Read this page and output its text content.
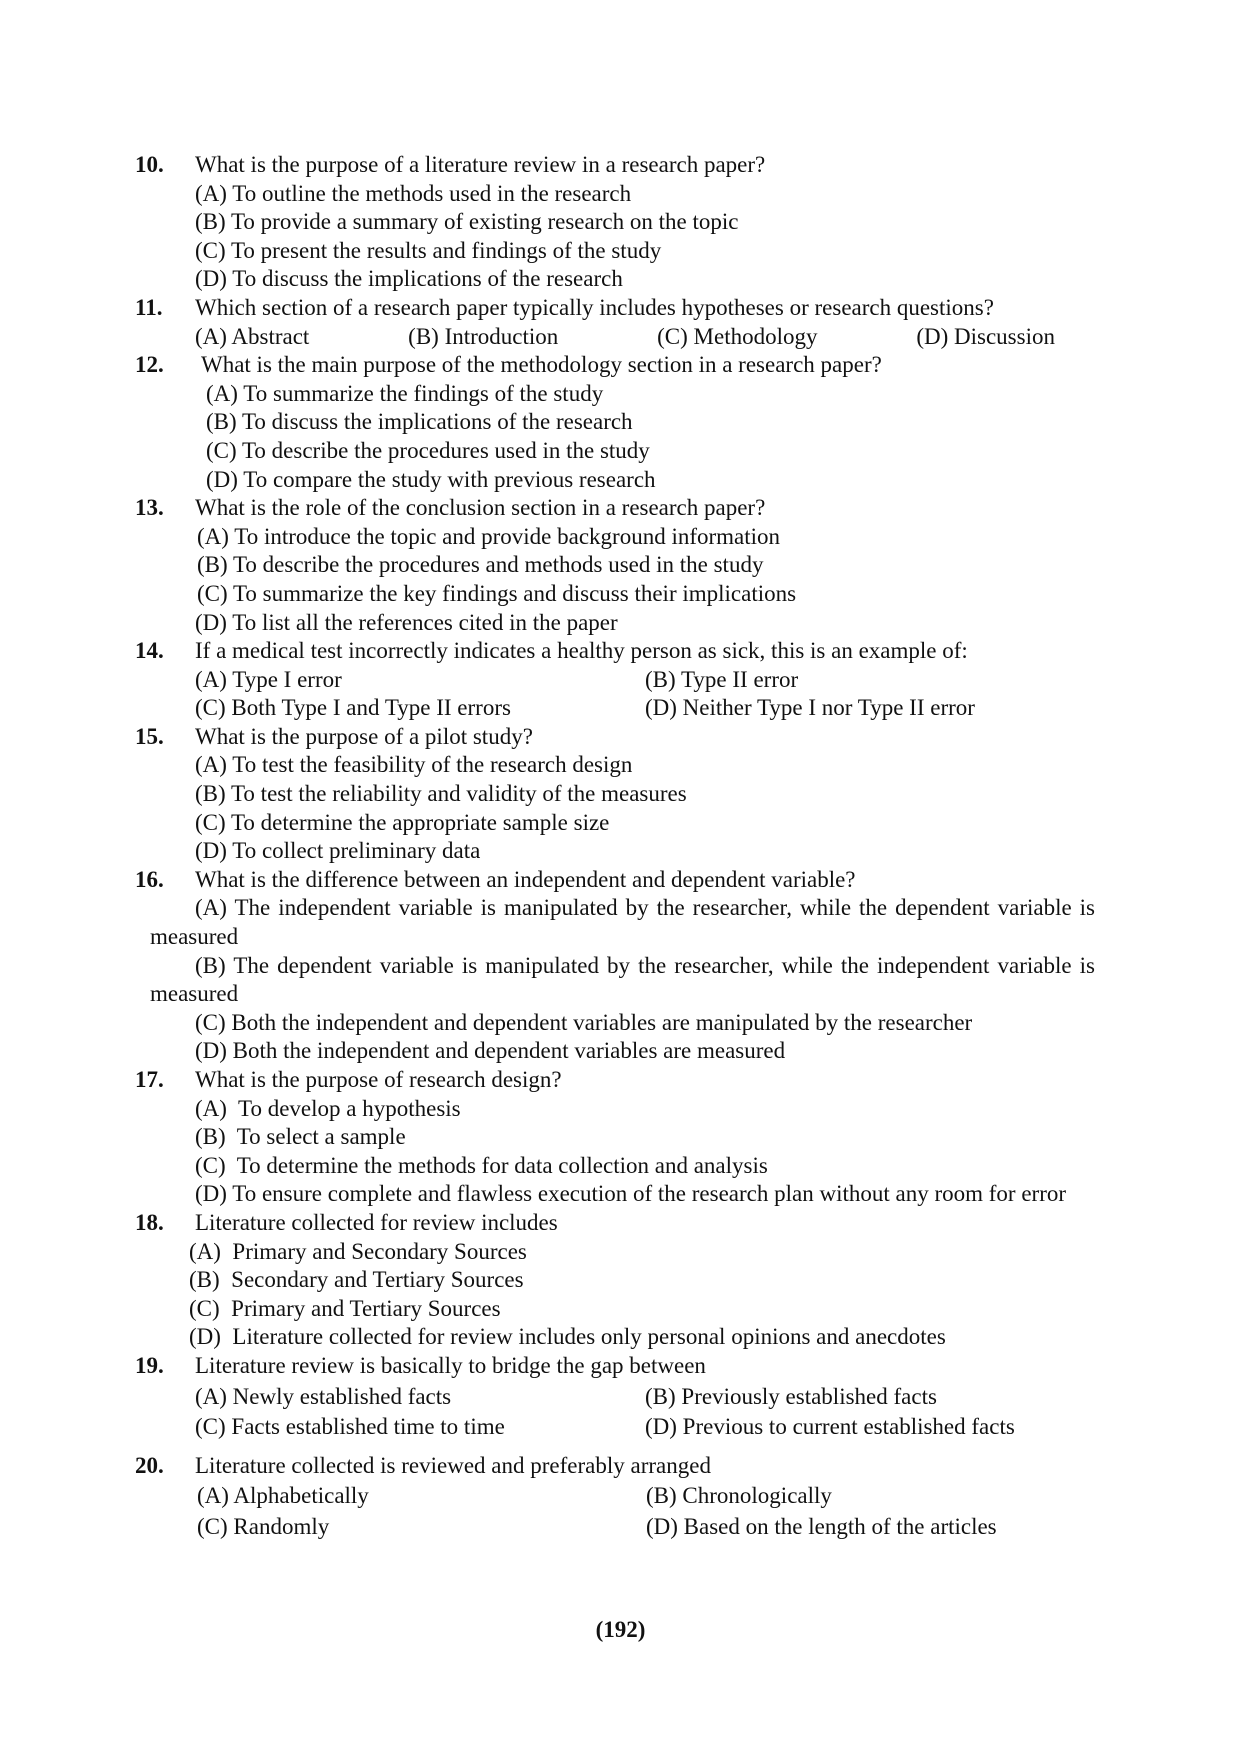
10. What is the purpose of a literature review in a research paper?
(A) To outline the methods used in the research
(B) To provide a summary of existing research on the topic
(C) To present the results and findings of the study
(D) To discuss the implications of the research
11. Which section of a research paper typically includes hypotheses or research questions?
(A) Abstract	(B) Introduction	(C) Methodology	(D) Discussion
12. What is the main purpose of the methodology section in a research paper?
(A) To summarize the findings of the study
(B) To discuss the implications of the research
(C) To describe the procedures used in the study
(D) To compare the study with previous research
13. What is the role of the conclusion section in a research paper?
(A) To introduce the topic and provide background information
(B) To describe the procedures and methods used in the study
(C) To summarize the key findings and discuss their implications
(D) To list all the references cited in the paper
14. If a medical test incorrectly indicates a healthy person as sick, this is an example of:
(A) Type I error	(B) Type II error
(C) Both Type I and Type II errors	(D) Neither Type I nor Type II error
15. What is the purpose of a pilot study?
(A) To test the feasibility of the research design
(B) To test the reliability and validity of the measures
(C) To determine the appropriate sample size
(D) To collect preliminary data
16. What is the difference between an independent and dependent variable?
(A) The independent variable is manipulated by the researcher, while the dependent variable is measured
(B) The dependent variable is manipulated by the researcher, while the independent variable is measured
(C) Both the independent and dependent variables are manipulated by the researcher
(D) Both the independent and dependent variables are measured
17. What is the purpose of research design?
(A)  To develop a hypothesis
(B)  To select a sample
(C)  To determine the methods for data collection and analysis
(D) To ensure complete and flawless execution of the research plan without any room for error
18. Literature collected for review includes
(A)  Primary and Secondary Sources
(B)  Secondary and Tertiary Sources
(C)  Primary and Tertiary Sources
(D)  Literature collected for review includes only personal opinions and anecdotes
19. Literature review is basically to bridge the gap between
(A) Newly established facts	(B) Previously established facts
(C) Facts established time to time	(D) Previous to current established facts
20. Literature collected is reviewed and preferably arranged
(A) Alphabetically	(B) Chronologically
(C) Randomly	(D) Based on the length of the articles
(192)
